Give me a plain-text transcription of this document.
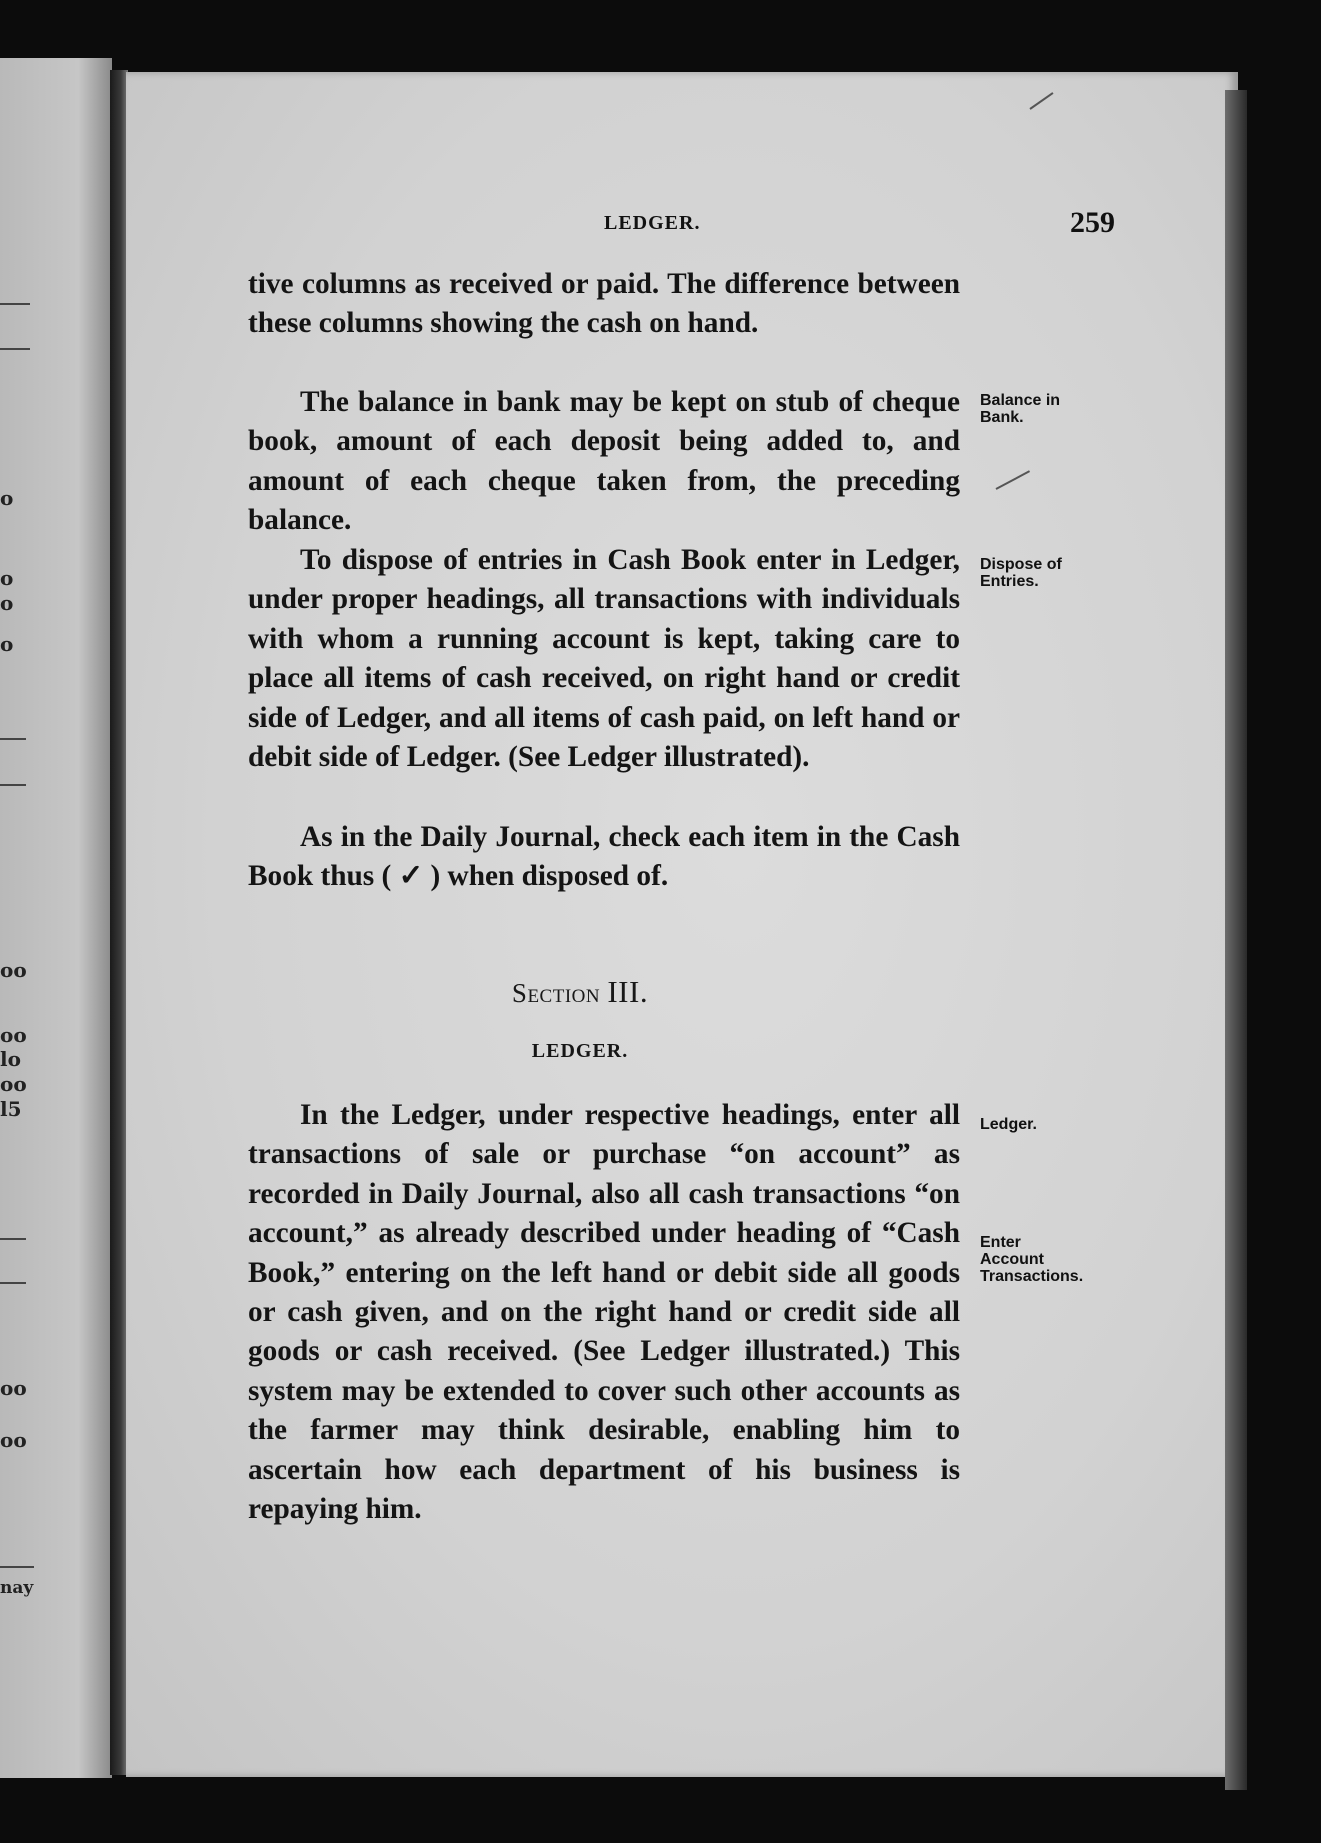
o
o
o
o
oo
oo
lo
oo
l5
oo
oo
nay
LEDGER.	259

tive columns as received or paid. The difference between these columns showing the cash on hand.

The balance in bank may be kept on stub of cheque book, amount of each deposit being added to, and amount of each cheque taken from, the preceding balance.

To dispose of entries in Cash Book enter in Ledger, under proper headings, all transactions with individuals with whom a running account is kept, taking care to place all items of cash received, on right hand or credit side of Ledger, and all items of cash paid, on left hand or debit side of Ledger. (See Ledger illustrated).

As in the Daily Journal, check each item in the Cash Book thus ( ✓ ) when disposed of.

Section III.
LEDGER.

In the Ledger, under respective headings, enter all transactions of sale or purchase “on account” as recorded in Daily Journal, also all cash transactions “on account,” as already described under heading of “Cash Book,” entering on the left hand or debit side all goods or cash given, and on the right hand or credit side all goods or cash received. (See Ledger illustrated.) This system may be extended to cover such other accounts as the farmer may think desirable, enabling him to ascertain how each department of his business is repaying him.

Balance in Bank.
Dispose of Entries.
Ledger.
Enter Account Transactions.
